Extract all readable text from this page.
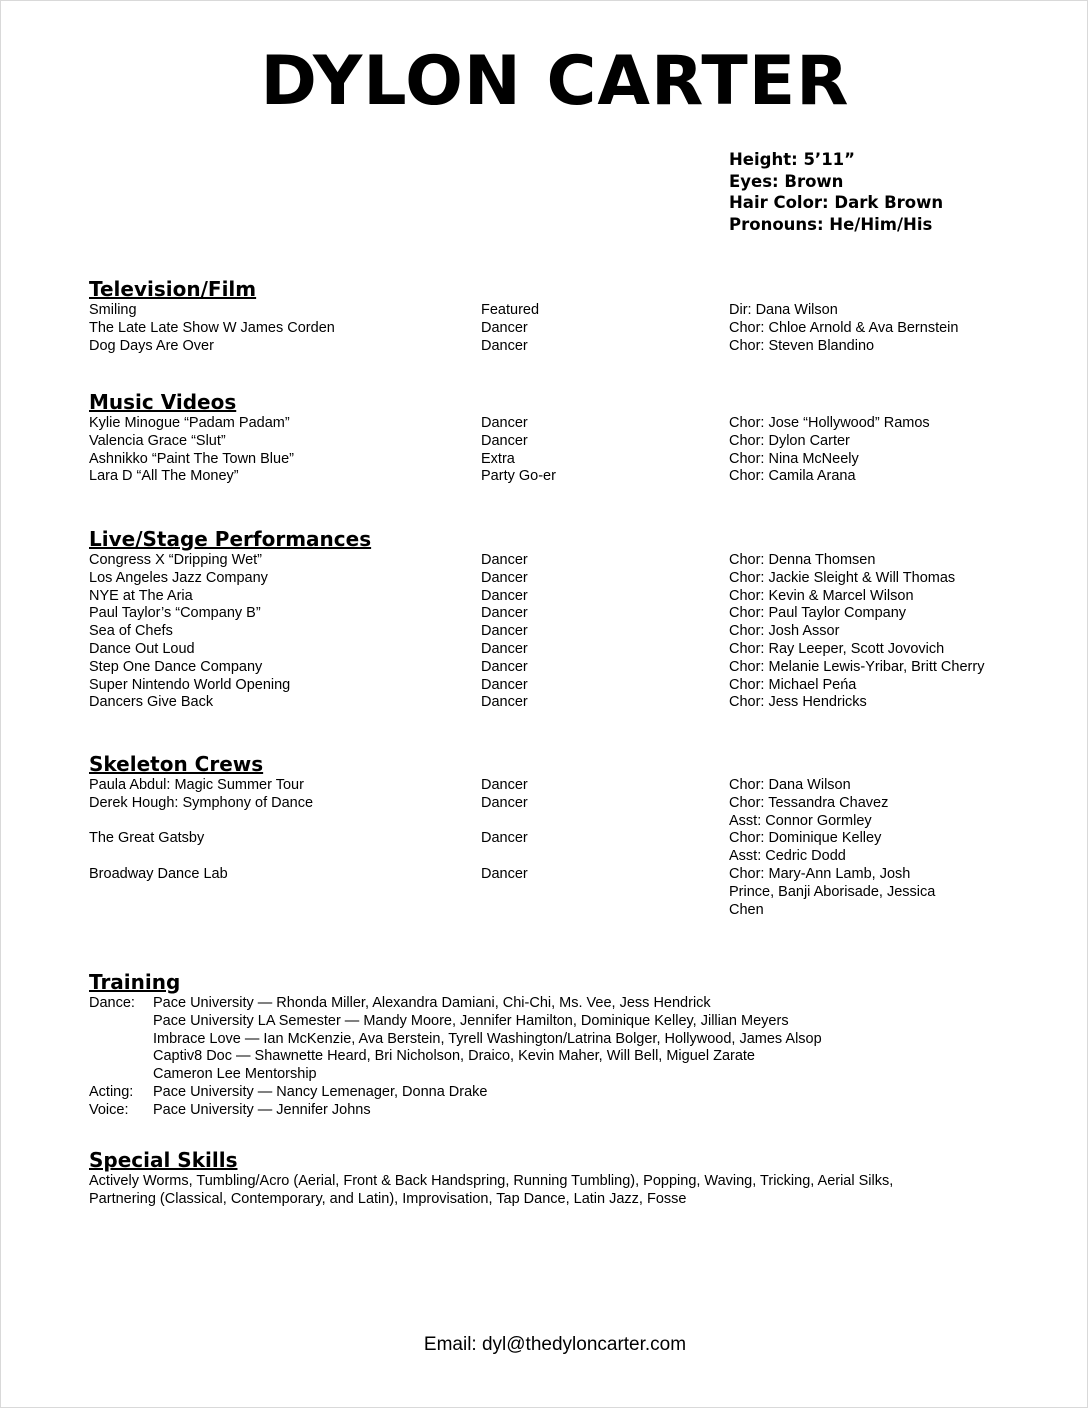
DYLON CARTER
Height: 5’11”
Eyes: Brown
Hair Color: Dark Brown
Pronouns: He/Him/His
Television/Film
Smiling	Featured	Dir: Dana Wilson
The Late Late Show W James Corden	Dancer	Chor: Chloe Arnold & Ava Bernstein
Dog Days Are Over	Dancer	Chor: Steven Blandino
Music Videos
Kylie Minogue “Padam Padam”	Dancer	Chor: Jose “Hollywood” Ramos
Valencia Grace “Slut”	Dancer	Chor: Dylon Carter
Ashnikko “Paint The Town Blue”	Extra	Chor: Nina McNeely
Lara D “All The Money”	Party Go-er	Chor: Camila Arana
Live/Stage Performances
Congress X “Dripping Wet”	Dancer	Chor: Denna Thomsen
Los Angeles Jazz Company	Dancer	Chor: Jackie Sleight & Will Thomas
NYE at The Aria	Dancer	Chor: Kevin & Marcel Wilson
Paul Taylor’s “Company B”	Dancer	Chor: Paul Taylor Company
Sea of Chefs	Dancer	Chor: Josh Assor
Dance Out Loud	Dancer	Chor: Ray Leeper, Scott Jovovich
Step One Dance Company	Dancer	Chor: Melanie Lewis-Yribar, Britt Cherry
Super Nintendo World Opening	Dancer	Chor: Michael Peńa
Dancers Give Back	Dancer	Chor: Jess Hendricks
Skeleton Crews
Paula Abdul: Magic Summer Tour	Dancer	Chor: Dana Wilson
Derek Hough: Symphony of Dance	Dancer	Chor: Tessandra Chavez
Asst: Connor Gormley
The Great Gatsby	Dancer	Chor: Dominique Kelley
Asst: Cedric Dodd
Broadway Dance Lab	Dancer	Chor: Mary-Ann Lamb, Josh Prince, Banji Aborisade, Jessica Chen
Training
Dance: Pace University — Rhonda Miller, Alexandra Damiani, Chi-Chi, Ms. Vee, Jess Hendrick
Pace University LA Semester — Mandy Moore, Jennifer Hamilton, Dominique Kelley, Jillian Meyers
Imbrace Love — Ian McKenzie, Ava Berstein, Tyrell Washington/Latrina Bolger, Hollywood, James Alsop
Captiv8 Doc — Shawnette Heard, Bri Nicholson, Draico, Kevin Maher, Will Bell, Miguel Zarate
Cameron Lee Mentorship
Acting: Pace University — Nancy Lemenager, Donna Drake
Voice: Pace University — Jennifer Johns
Special Skills
Actively Worms, Tumbling/Acro (Aerial, Front & Back Handspring, Running Tumbling), Popping, Waving, Tricking, Aerial Silks, Partnering (Classical, Contemporary, and Latin), Improvisation, Tap Dance, Latin Jazz, Fosse
Email: dyl@thedyloncarter.com
